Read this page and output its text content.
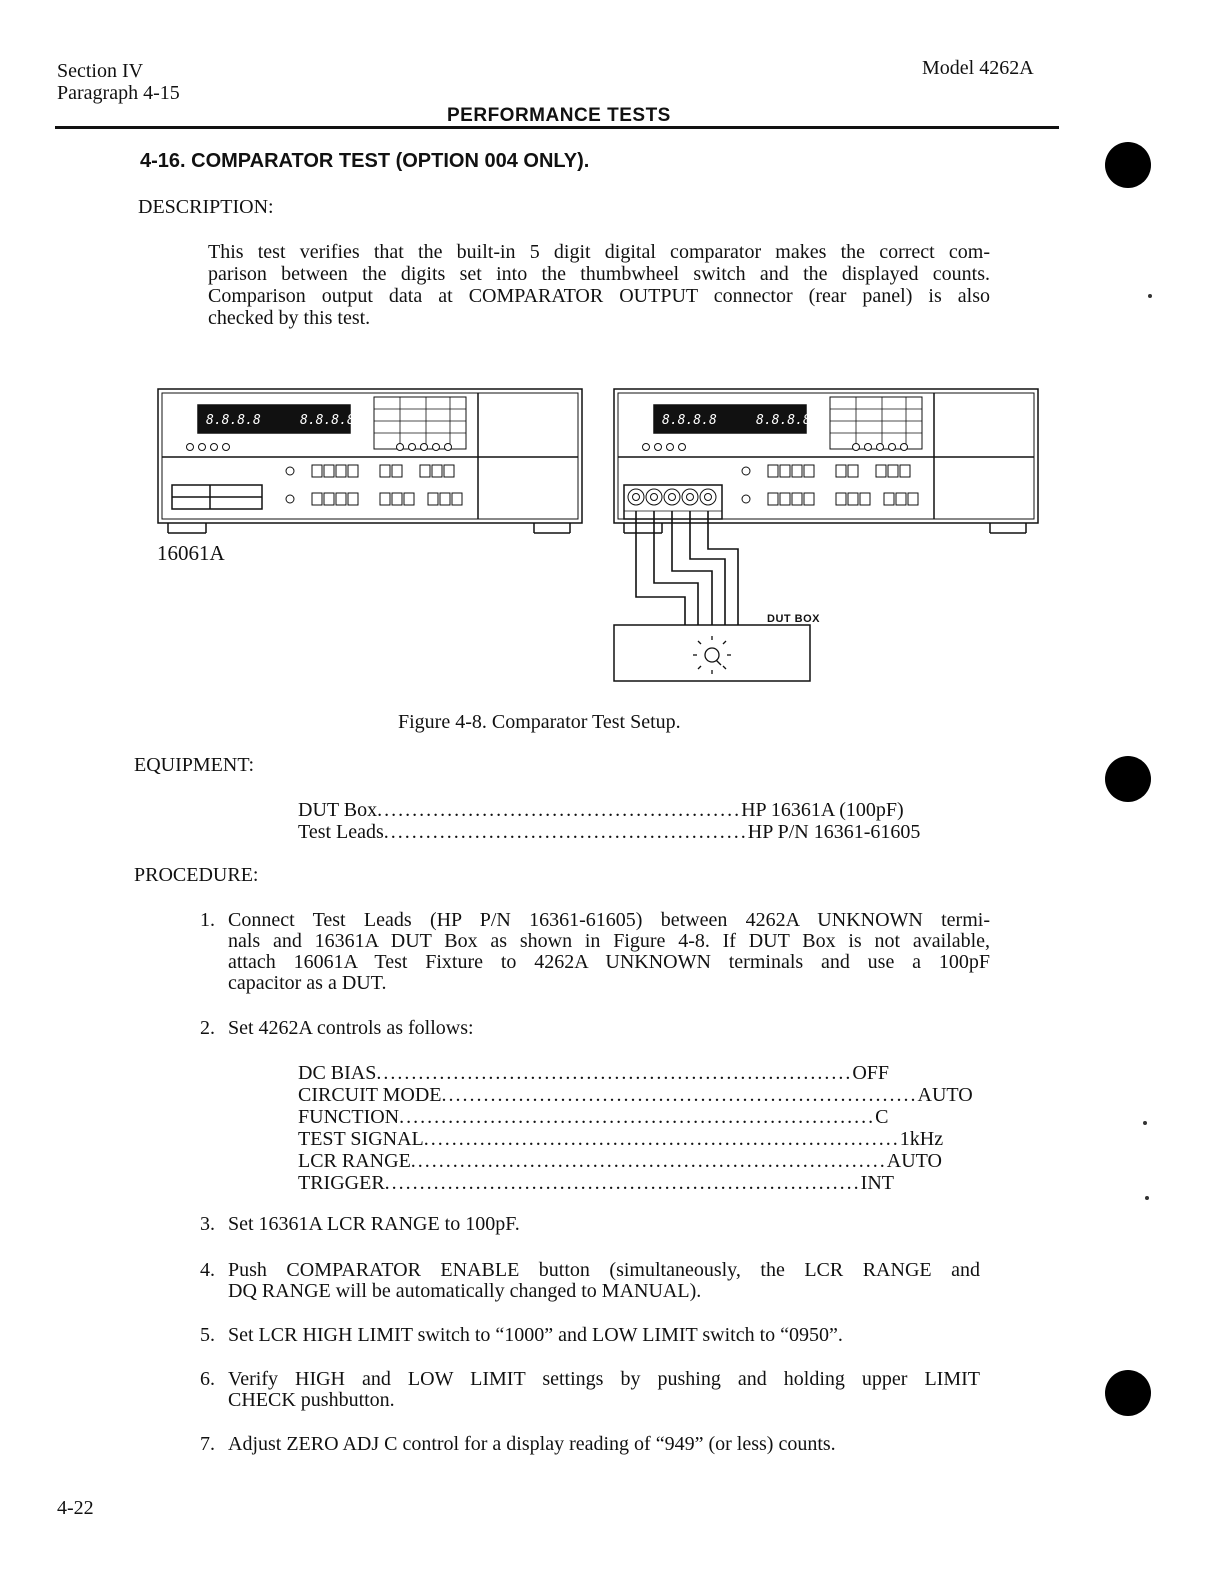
Section IV
Paragraph 4-15
Model 4262A
PERFORMANCE TESTS
4-16. COMPARATOR TEST (OPTION 004 ONLY).
DESCRIPTION:

This test verifies that the built-in 5 digit digital comparator makes the correct com-

parison between the digits set into the thumbwheel switch and the displayed counts.

Comparison output data at COMPARATOR OUTPUT connector (rear panel) is also

checked by this test.

8.8.8.8	8.8.8.8	8.8.8.8	8.8.8.8
16061A
DUT BOX
Figure 4-8. Comparator Test Setup.
EQUIPMENT:
DUT Box .................................................... HP 16361A (100pF)
Test Leads .................................................... HP P/N 16361-61605
PROCEDURE:
1. Connect Test Leads (HP P/N 16361-61605) between 4262A UNKNOWN termi-
nals and 16361A DUT Box as shown in Figure 4-8. If DUT Box is not available,
attach 16061A Test Fixture to 4262A UNKNOWN terminals and use a 100pF
capacitor as a DUT.
2. Set 4262A controls as follows:
DC BIAS .................................................................... OFF
CIRCUIT MODE .................................................................... AUTO
FUNCTION .................................................................... C
TEST SIGNAL .................................................................... 1kHz
LCR RANGE .................................................................... AUTO
TRIGGER .................................................................... INT
3. Set 16361A LCR RANGE to 100pF.
4. Push COMPARATOR ENABLE button (simultaneously, the LCR RANGE and
DQ RANGE will be automatically changed to MANUAL).
5. Set LCR HIGH LIMIT switch to “1000” and LOW LIMIT switch to “0950”.
6. Verify HIGH and LOW LIMIT settings by pushing and holding upper LIMIT
CHECK pushbutton.
7. Adjust ZERO ADJ C control for a display reading of “949” (or less) counts.
4-22
